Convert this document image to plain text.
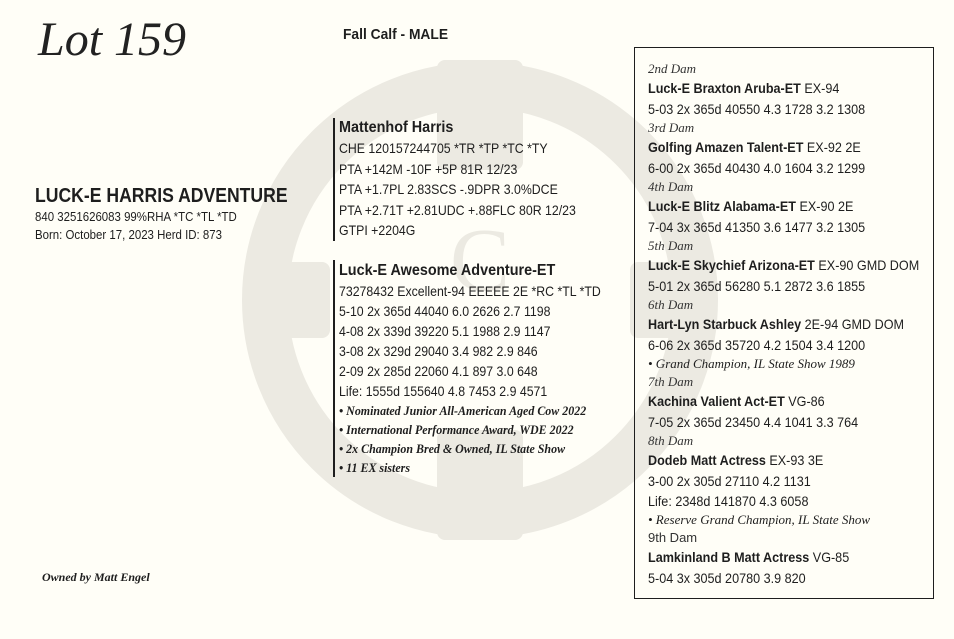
C
Lot 159	Fall Calf - MALE
LUCK-E HARRIS ADVENTURE
840 3251626083 99%RHA *TC *TL *TD
Born: October 17, 2023 Herd ID: 873
Mattenhof Harris
CHE 120157244705 *TR *TP *TC *TY
PTA +142M -10F +5P 81R 12/23
PTA +1.7PL 2.83SCS -.9DPR 3.0%DCE
PTA +2.71T +2.81UDC +.88FLC 80R 12/23
GTPI +2204G
Luck-E Awesome Adventure-ET
73278432 Excellent-94 EEEEE 2E *RC *TL *TD
5-10 2x 365d 44040 6.0 2626 2.7 1198
4-08 2x 339d 39220 5.1 1988 2.9 1147
3-08 2x 329d 29040 3.4 982 2.9 846
2-09 2x 285d 22060 4.1 897 3.0 648
Life: 1555d 155640 4.8 7453 2.9 4571
• Nominated Junior All-American Aged Cow 2022
• International Performance Award, WDE 2022
• 2x Champion Bred & Owned, IL State Show
• 11 EX sisters
Owned by Matt Engel
2nd Dam
Luck-E Braxton Aruba-ET EX-94
5-03 2x 365d 40550 4.3 1728 3.2 1308
3rd Dam
Golfing Amazen Talent-ET EX-92 2E
6-00 2x 365d 40430 4.0 1604 3.2 1299
4th Dam
Luck-E Blitz Alabama-ET EX-90 2E
7-04 3x 365d 41350 3.6 1477 3.2 1305
5th Dam
Luck-E Skychief Arizona-ET EX-90 GMD DOM
5-01 2x 365d 56280 5.1 2872 3.6 1855
6th Dam
Hart-Lyn Starbuck Ashley 2E-94 GMD DOM
6-06 2x 365d 35720 4.2 1504 3.4 1200
• Grand Champion, IL State Show 1989
7th Dam
Kachina Valient Act-ET VG-86
7-05 2x 365d 23450 4.4 1041 3.3 764
8th Dam
Dodeb Matt Actress EX-93 3E
3-00 2x 305d 27110 4.2 1131
Life: 2348d 141870 4.3 6058
• Reserve Grand Champion, IL State Show
9th Dam
Lamkinland B Matt Actress VG-85
5-04 3x 305d 20780 3.9 820
